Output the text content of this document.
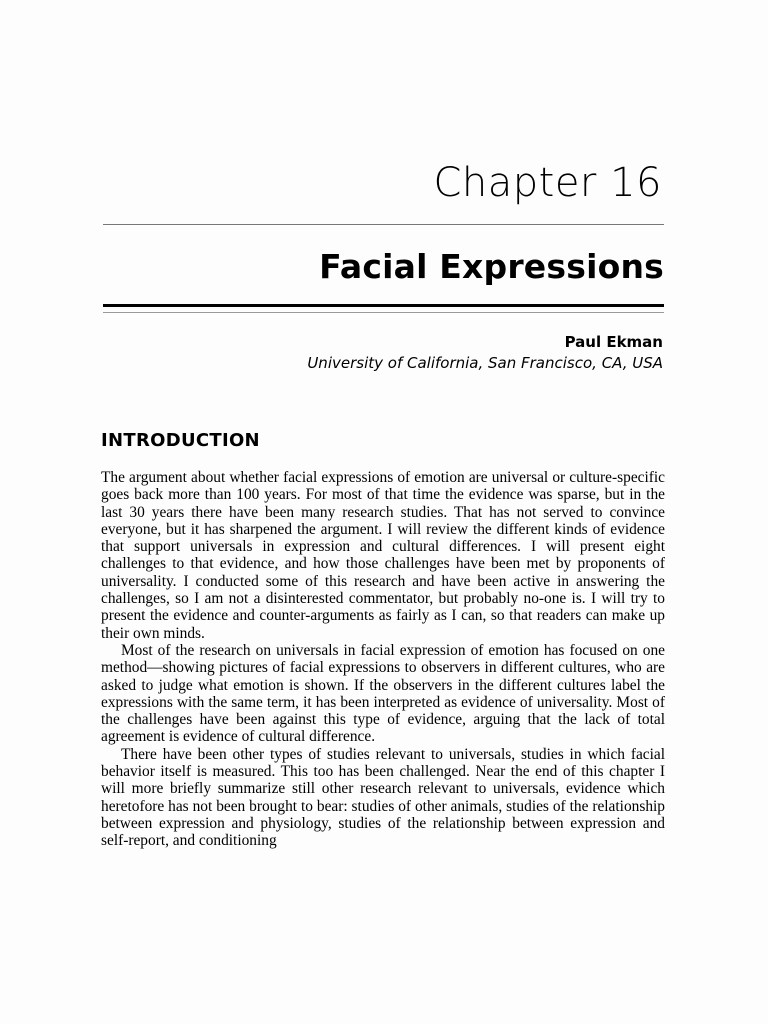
Chapter 16
Facial Expressions
Paul Ekman
University of California, San Francisco, CA, USA
INTRODUCTION

The argument about whether facial expressions of emotion are universal or culture-specific goes back more than 100 years. For most of that time the evidence was sparse, but in the last 30 years there have been many research studies. That has not served to convince everyone, but it has sharpened the argument. I will review the different kinds of evidence that support universals in expression and cultural differences. I will present eight challenges to that evidence, and how those challenges have been met by proponents of universality. I conducted some of this research and have been active in answering the challenges, so I am not a disinterested commentator, but probably no-one is. I will try to present the evidence and counter-arguments as fairly as I can, so that readers can make up their own minds.

Most of the research on universals in facial expression of emotion has focused on one method—showing pictures of facial expressions to observers in different cultures, who are asked to judge what emotion is shown. If the observers in the different cultures label the expressions with the same term, it has been interpreted as evidence of universality. Most of the challenges have been against this type of evidence, arguing that the lack of total agreement is evidence of cultural difference.

There have been other types of studies relevant to universals, studies in which facial behavior itself is measured. This too has been challenged. Near the end of this chapter I will more briefly summarize still other research relevant to universals, evidence which heretofore has not been brought to bear: studies of other animals, studies of the relationship between expression and physiology, studies of the relationship between expression and self-report, and conditioning
